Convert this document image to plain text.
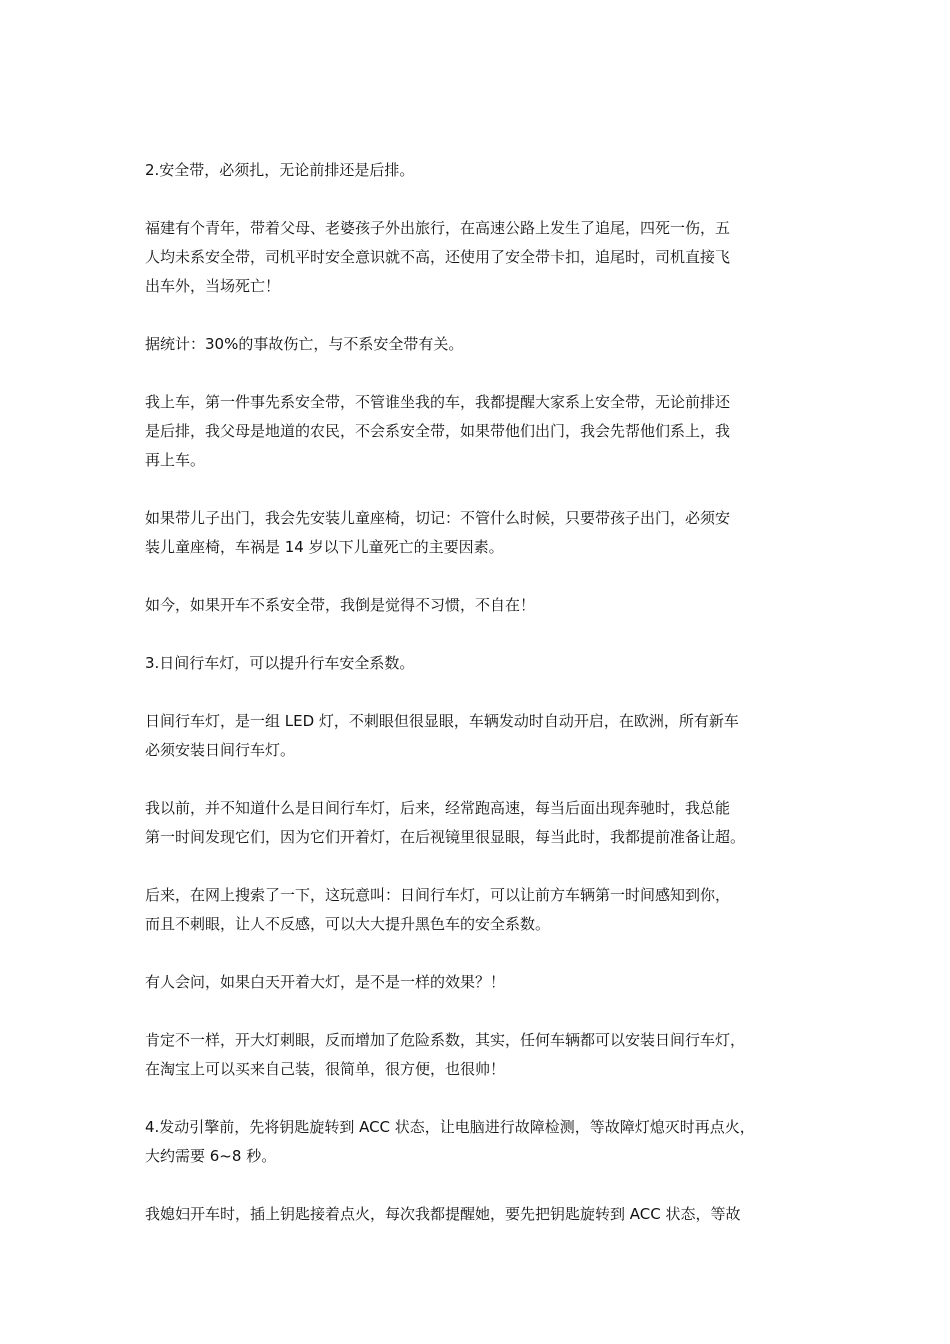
2.安全带，必须扎，无论前排还是后排。
福建有个青年，带着父母、老婆孩子外出旅行，在高速公路上发生了追尾，四死一伤，五
人均未系安全带，司机平时安全意识就不高，还使用了安全带卡扣，追尾时，司机直接飞
出车外，当场死亡！
据统计：30%的事故伤亡，与不系安全带有关。
我上车，第一件事先系安全带，不管谁坐我的车，我都提醒大家系上安全带，无论前排还
是后排，我父母是地道的农民，不会系安全带，如果带他们出门，我会先帮他们系上，我
再上车。
如果带儿子出门，我会先安装儿童座椅，切记：不管什么时候，只要带孩子出门，必须安
装儿童座椅，车祸是 14 岁以下儿童死亡的主要因素。
如今，如果开车不系安全带，我倒是觉得不习惯，不自在！
3.日间行车灯，可以提升行车安全系数。
日间行车灯，是一组 LED 灯，不刺眼但很显眼，车辆发动时自动开启，在欧洲，所有新车
必须安装日间行车灯。
我以前，并不知道什么是日间行车灯，后来，经常跑高速，每当后面出现奔驰时，我总能
第一时间发现它们，因为它们开着灯，在后视镜里很显眼，每当此时，我都提前准备让超。
后来，在网上搜索了一下，这玩意叫：日间行车灯，可以让前方车辆第一时间感知到你，
而且不刺眼，让人不反感，可以大大提升黑色车的安全系数。
有人会问，如果白天开着大灯，是不是一样的效果？！
肯定不一样，开大灯刺眼，反而增加了危险系数，其实，任何车辆都可以安装日间行车灯，
在淘宝上可以买来自己装，很简单，很方便，也很帅！
4.发动引擎前，先将钥匙旋转到 ACC 状态，让电脑进行故障检测，等故障灯熄灭时再点火，
大约需要 6~8 秒。
我媳妇开车时，插上钥匙接着点火，每次我都提醒她，要先把钥匙旋转到 ACC 状态，等故
